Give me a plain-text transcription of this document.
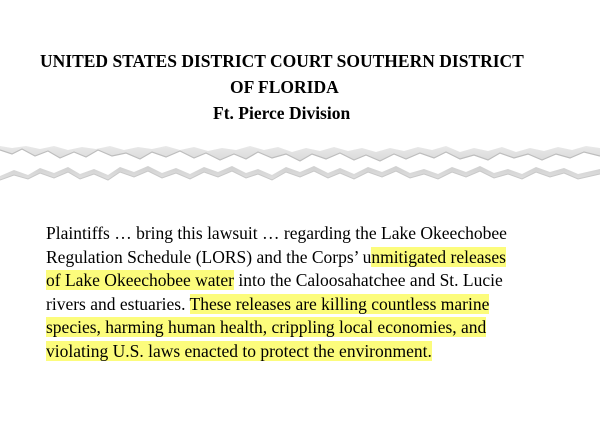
UNITED STATES DISTRICT COURT SOUTHERN DISTRICT
OF FLORIDA
Ft. Pierce Division
Plaintiffs … bring this lawsuit … regarding the Lake Okeechobee
Regulation Schedule (LORS) and the Corps’ unmitigated releases
of Lake Okeechobee water into the Caloosahatchee and St. Lucie
rivers and estuaries. These releases are killing countless marine
species, harming human health, crippling local economies, and
violating U.S. laws enacted to protect the environment.
